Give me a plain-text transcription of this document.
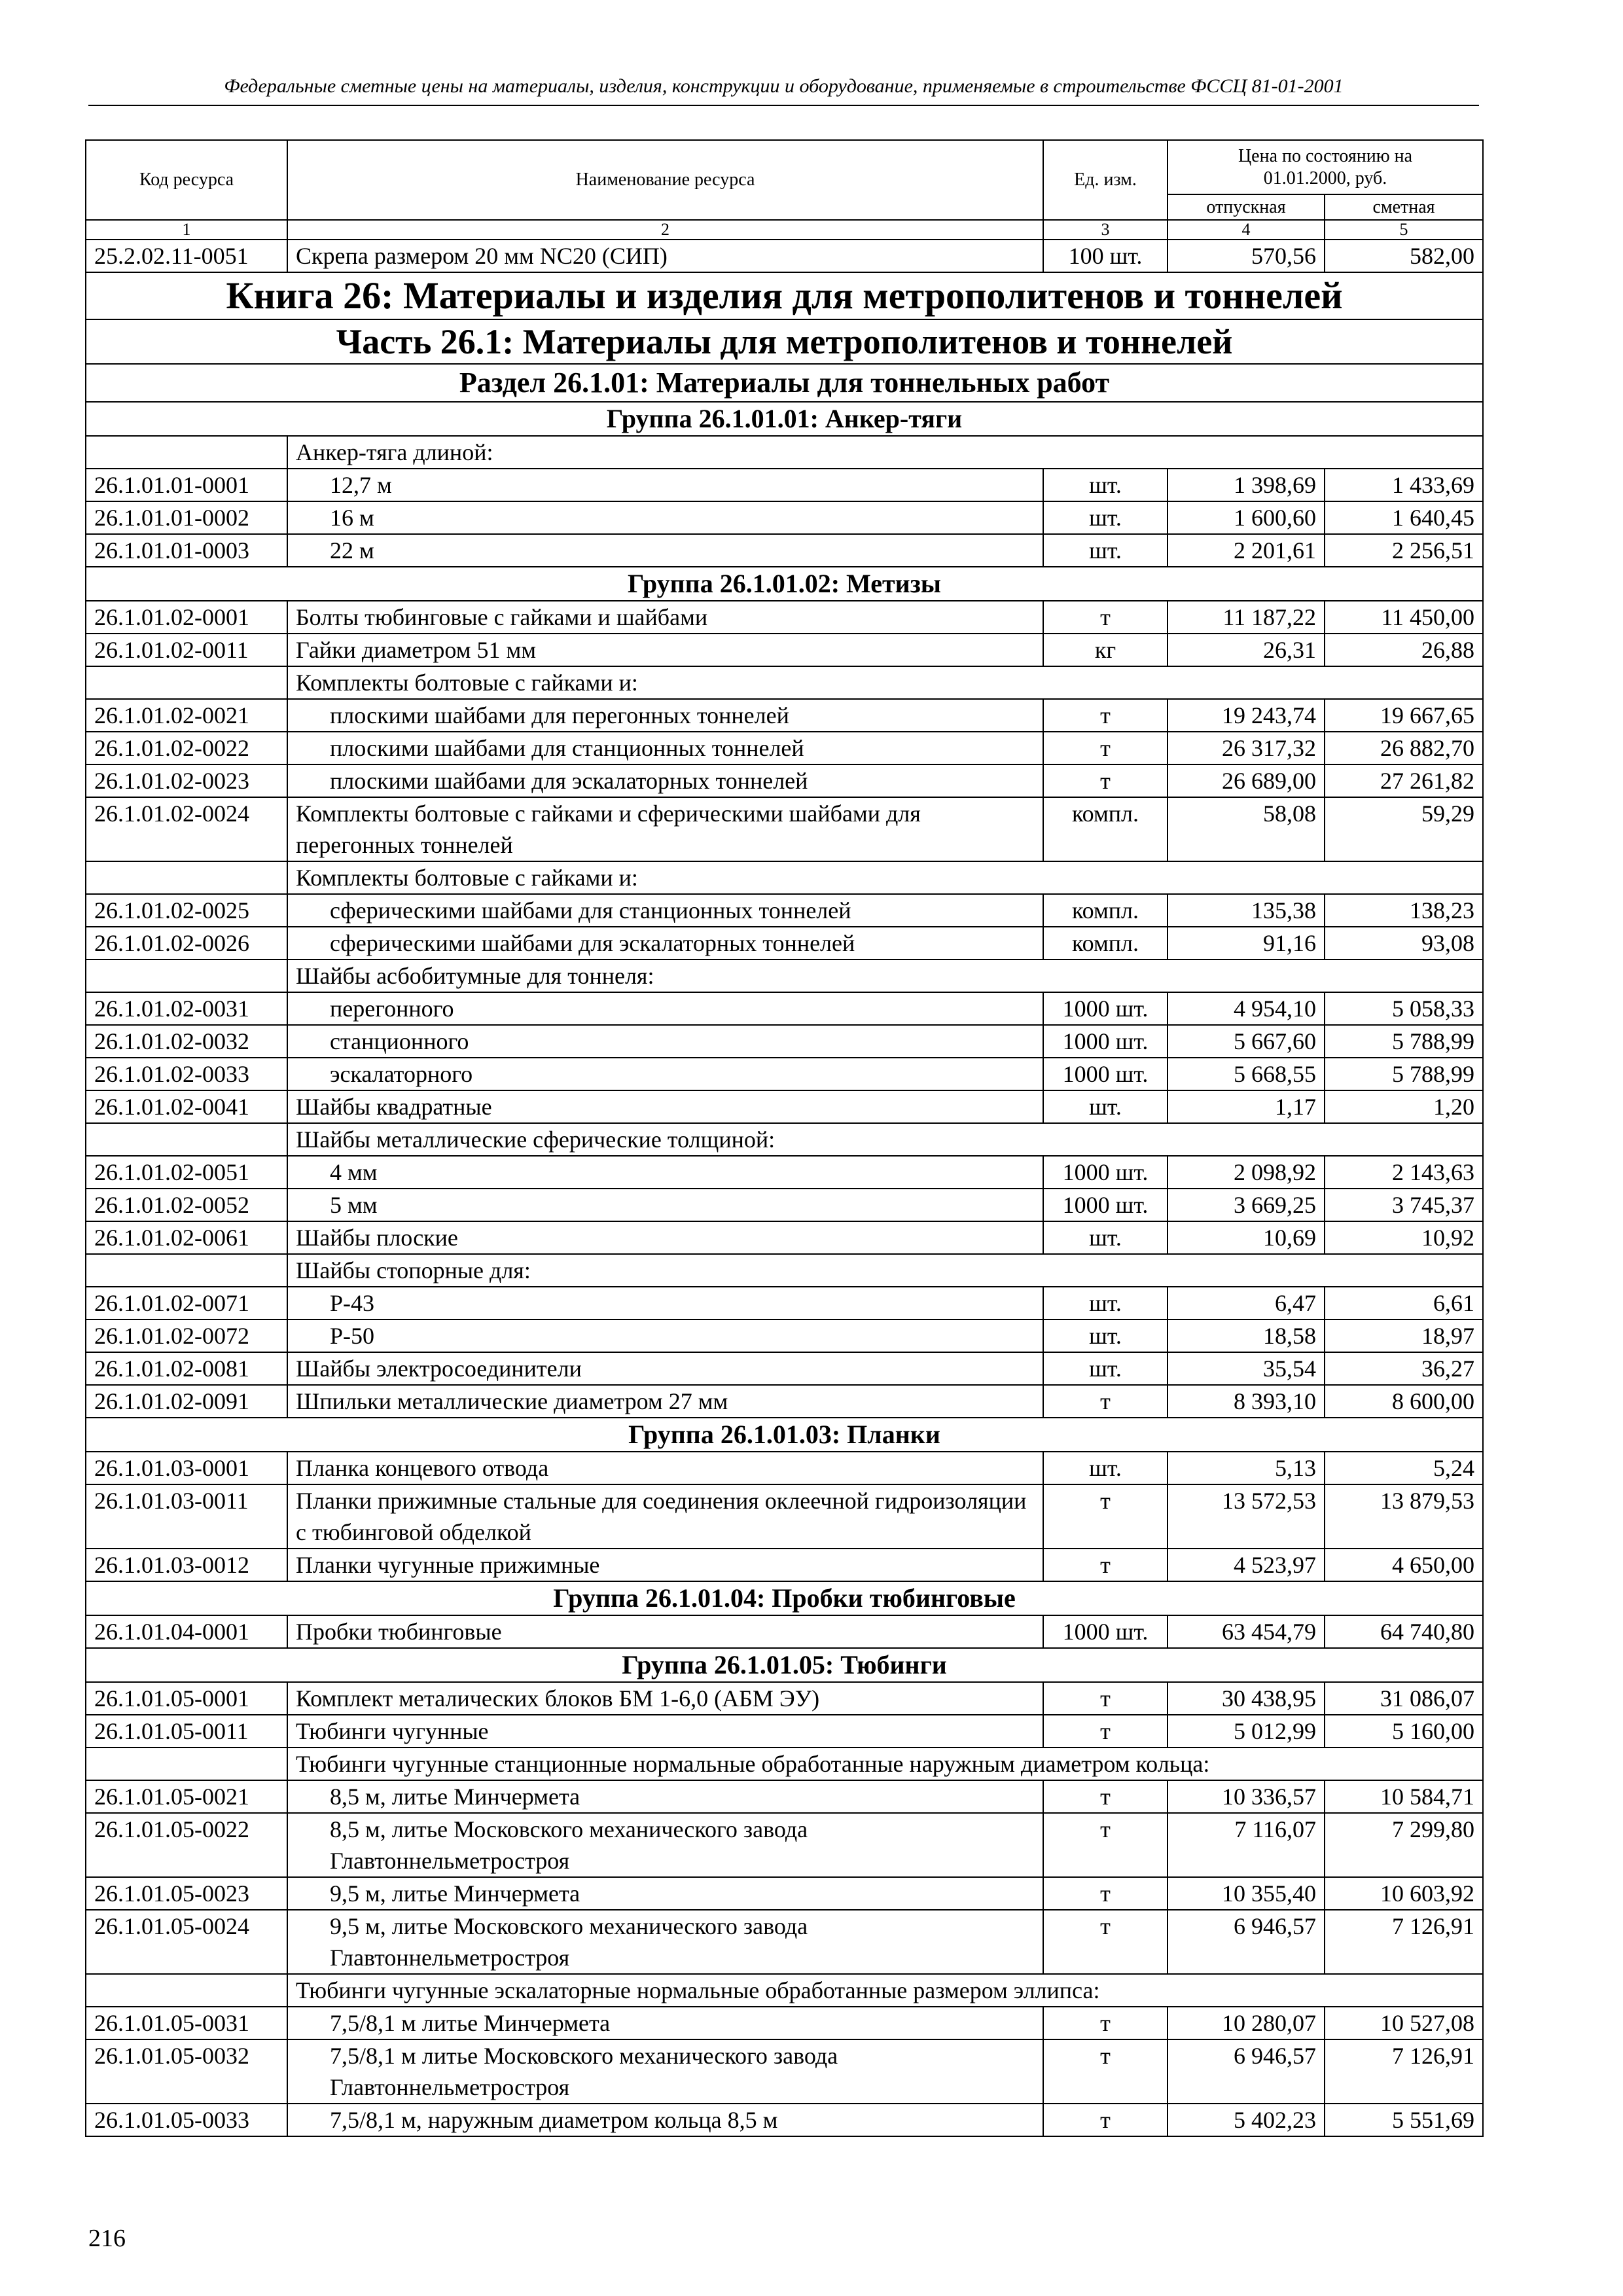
Федеральные сметные цены на материалы, изделия, конструкции и оборудование, применяемые в строительстве ФССЦ 81-01-2001
Код ресурса	Наименование ресурса	Ед. изм.	Цена по состоянию на 01.01.2000, руб.	
			отпускная	сметная
1	2	3	4	5
25.2.02.11-0051	Скрепа размером 20 мм NC20 (СИП)	100 шт.	570,56	582,00
Книга 26: Материалы и изделия для метрополитенов и тоннелей				
Часть 26.1: Материалы для метрополитенов и тоннелей				
Раздел 26.1.01: Материалы для тоннельных работ				
Группа 26.1.01.01: Анкер-тяги				
	Анкер-тяга длиной:			
26.1.01.01-0001	12,7 м	шт.	1 398,69	1 433,69
26.1.01.01-0002	16 м	шт.	1 600,60	1 640,45
26.1.01.01-0003	22 м	шт.	2 201,61	2 256,51
Группа 26.1.01.02: Метизы				
26.1.01.02-0001	Болты тюбинговые с гайками и шайбами	т	11 187,22	11 450,00
26.1.01.02-0011	Гайки диаметром 51 мм	кг	26,31	26,88
	Комплекты болтовые с гайками и:			
26.1.01.02-0021	плоскими шайбами для перегонных тоннелей	т	19 243,74	19 667,65
26.1.01.02-0022	плоскими шайбами для станционных тоннелей	т	26 317,32	26 882,70
26.1.01.02-0023	плоскими шайбами для эскалаторных тоннелей	т	26 689,00	27 261,82
26.1.01.02-0024	Комплекты болтовые с гайками и сферическими шайбами для перегонных тоннелей	компл.	58,08	59,29
	Комплекты болтовые с гайками и:			
26.1.01.02-0025	сферическими шайбами для станционных тоннелей	компл.	135,38	138,23
26.1.01.02-0026	сферическими шайбами для эскалаторных тоннелей	компл.	91,16	93,08
	Шайбы асбобитумные для тоннеля:			
26.1.01.02-0031	перегонного	1000 шт.	4 954,10	5 058,33
26.1.01.02-0032	станционного	1000 шт.	5 667,60	5 788,99
26.1.01.02-0033	эскалаторного	1000 шт.	5 668,55	5 788,99
26.1.01.02-0041	Шайбы квадратные	шт.	1,17	1,20
	Шайбы металлические сферические толщиной:			
26.1.01.02-0051	4 мм	1000 шт.	2 098,92	2 143,63
26.1.01.02-0052	5 мм	1000 шт.	3 669,25	3 745,37
26.1.01.02-0061	Шайбы плоские	шт.	10,69	10,92
	Шайбы стопорные для:			
26.1.01.02-0071	Р-43	шт.	6,47	6,61
26.1.01.02-0072	Р-50	шт.	18,58	18,97
26.1.01.02-0081	Шайбы электросоединители	шт.	35,54	36,27
26.1.01.02-0091	Шпильки металлические диаметром 27 мм	т	8 393,10	8 600,00
Группа 26.1.01.03: Планки				
26.1.01.03-0001	Планка концевого отвода	шт.	5,13	5,24
26.1.01.03-0011	Планки прижимные стальные для соединения оклеечной гидроизоляции с тюбинговой обделкой	т	13 572,53	13 879,53
26.1.01.03-0012	Планки чугунные прижимные	т	4 523,97	4 650,00
Группа 26.1.01.04: Пробки тюбинговые				
26.1.01.04-0001	Пробки тюбинговые	1000 шт.	63 454,79	64 740,80
Группа 26.1.01.05: Тюбинги				
26.1.01.05-0001	Комплект металических блоков БМ 1-6,0 (АБМ ЭУ)	т	30 438,95	31 086,07
26.1.01.05-0011	Тюбинги чугунные	т	5 012,99	5 160,00
	Тюбинги чугунные станционные нормальные обработанные наружным диаметром кольца:			
26.1.01.05-0021	8,5 м, литье Минчермета	т	10 336,57	10 584,71
26.1.01.05-0022	8,5 м, литье Московского механического завода Главтоннельметростроя	т	7 116,07	7 299,80
26.1.01.05-0023	9,5 м, литье Минчермета	т	10 355,40	10 603,92
26.1.01.05-0024	9,5 м, литье Московского механического завода Главтоннельметростроя	т	6 946,57	7 126,91
	Тюбинги чугунные эскалаторные нормальные обработанные размером эллипса:			
26.1.01.05-0031	7,5/8,1 м литье Минчермета	т	10 280,07	10 527,08
26.1.01.05-0032	7,5/8,1 м литье Московского механического завода Главтоннельметростроя	т	6 946,57	7 126,91
26.1.01.05-0033	7,5/8,1 м, наружным диаметром кольца 8,5 м	т	5 402,23	5 551,69
216
